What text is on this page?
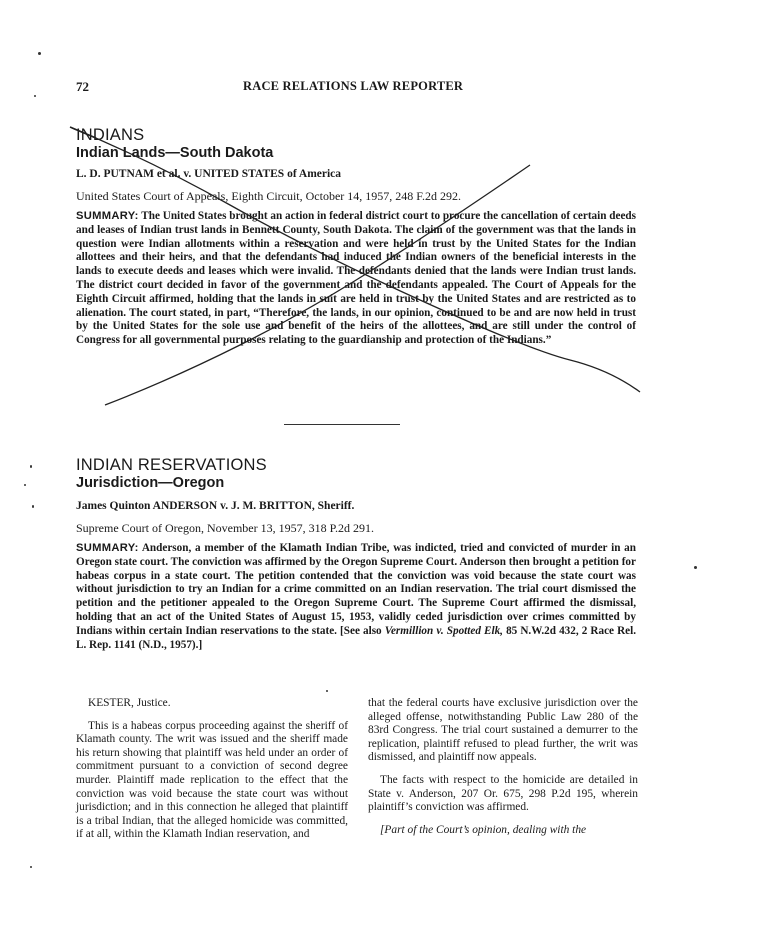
72	RACE RELATIONS LAW REPORTER
INDIANS
Indian Lands—South Dakota
L. D. PUTNAM et al. v. UNITED STATES of America
United States Court of Appeals, Eighth Circuit, October 14, 1957, 248 F.2d 292.
SUMMARY: The United States brought an action in federal district court to procure the cancellation of certain deeds and leases of Indian trust lands in Bennett County, South Dakota. The claim of the government was that the lands in question were Indian allotments within a reservation and were held in trust by the United States for the Indian allottees and their heirs, and that the defendants had induced the Indian owners of the beneficial interests in the lands to execute deeds and leases which were invalid. The defendants denied that the lands were Indian trust lands. The district court decided in favor of the government and the defendants appealed. The Court of Appeals for the Eighth Circuit affirmed, holding that the lands in suit are held in trust by the United States and are restricted as to alienation. The court stated, in part, “Therefore, the lands, in our opinion, continued to be and are now held in trust by the United States for the sole use and benefit of the heirs of the allottees, and are still under the control of Congress for all governmental purposes relating to the guardianship and protection of the Indians.”
INDIAN RESERVATIONS
Jurisdiction—Oregon
James Quinton ANDERSON v. J. M. BRITTON, Sheriff.
Supreme Court of Oregon, November 13, 1957, 318 P.2d 291.
SUMMARY: Anderson, a member of the Klamath Indian Tribe, was indicted, tried and convicted of murder in an Oregon state court. The conviction was affirmed by the Oregon Supreme Court. Anderson then brought a petition for habeas corpus in a state court. The petition contended that the conviction was void because the state court was without jurisdiction to try an Indian for a crime committed on an Indian reservation. The trial court dismissed the petition and the petitioner appealed to the Oregon Supreme Court. The Supreme Court affirmed the dismissal, holding that an act of the United States of August 15, 1953, validly ceded jurisdiction over crimes committed by Indians within certain Indian reservations to the state. [See also Vermillion v. Spotted Elk, 85 N.W.2d 432, 2 Race Rel. L. Rep. 1141 (N.D., 1957).]

KESTER, Justice.

This is a habeas corpus proceeding against the sheriff of Klamath county. The writ was issued and the sheriff made his return showing that plaintiff was held under an order of commitment pursuant to a conviction of second degree murder. Plaintiff made replication to the effect that the conviction was void because the state court was without jurisdiction; and in this connection he alleged that plaintiff is a tribal Indian, that the alleged homicide was committed, if at all, within the Klamath Indian reservation, and

that the federal courts have exclusive jurisdiction over the alleged offense, notwithstanding Public Law 280 of the 83rd Congress. The trial court sustained a demurrer to the replication, plaintiff refused to plead further, the writ was dismissed, and plaintiff now appeals.

The facts with respect to the homicide are detailed in State v. Anderson, 207 Or. 675, 298 P.2d 195, wherein plaintiff’s conviction was affirmed.

[Part of the Court’s opinion, dealing with the
